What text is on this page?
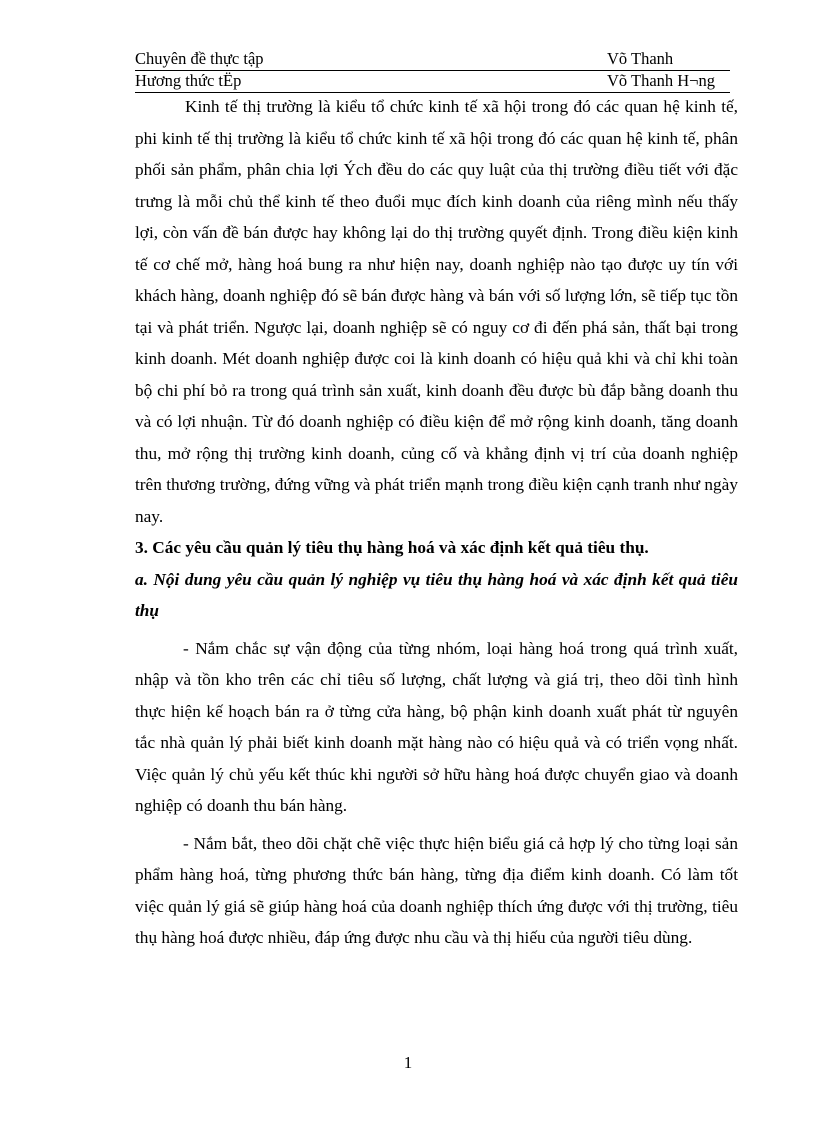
Chuyên đề thực tập	Võ Thanh
Hương thức tËp	Võ Thanh H¬ng

Kinh tế thị trường là kiểu tổ chức kinh tế xã hội trong đó các quan hệ kinh tế, phi kinh tế thị trường là kiểu tổ chức kinh tế xã hội trong đó các quan hệ kinh tế, phân phối sản phẩm, phân chia lợi Ých đều do các quy luật của thị trường điều tiết với đặc trưng là mỗi chủ thể kinh tế theo đuổi mục đích kinh doanh của riêng mình nếu thấy lợi, còn vấn đề bán được hay không lại do thị trường quyết định. Trong điều kiện kinh tế cơ chế mở, hàng hoá bung ra như hiện nay, doanh nghiệp nào tạo được uy tín với khách hàng, doanh nghiệp đó sẽ bán được hàng và bán với số lượng lớn, sẽ tiếp tục tồn tại và phát triển. Ngược lại, doanh nghiệp sẽ có nguy cơ đi đến phá sản, thất bại trong kinh doanh. Mét doanh nghiệp được coi là kinh doanh có hiệu quả khi và chỉ khi toàn bộ chi phí bỏ ra trong quá trình sản xuất, kinh doanh đều được bù đắp bằng doanh thu và có lợi nhuận. Từ đó doanh nghiệp có điều kiện để mở rộng kinh doanh, tăng doanh thu, mở rộng thị trường kinh doanh, củng cố và khẳng định vị trí của doanh nghiệp trên thương trường, đứng vững và phát triển mạnh trong điều kiện cạnh tranh như ngày nay.

3. Các yêu cầu quản lý tiêu thụ hàng hoá và xác định kết quả tiêu thụ.

a. Nội dung yêu cầu quản lý nghiệp vụ tiêu thụ hàng hoá và xác định kết quả tiêu thụ

- Nắm chắc sự vận động của từng nhóm, loại hàng hoá trong quá trình xuất, nhập và tồn kho trên các chỉ tiêu số lượng, chất lượng và giá trị, theo dõi tình hình thực hiện kế hoạch bán ra ở từng cửa hàng, bộ phận kinh doanh xuất phát từ nguyên tắc nhà quản lý phải biết kinh doanh mặt hàng nào có hiệu quả và có triển vọng nhất. Việc quản lý chủ yếu kết thúc khi người sở hữu hàng hoá được chuyển giao và doanh nghiệp có doanh thu bán hàng.

- Nắm bắt, theo dõi chặt chẽ việc thực hiện biểu giá cả hợp lý cho từng loại sản phẩm hàng hoá, từng phương thức bán hàng, từng địa điểm kinh doanh. Có làm tốt việc quản lý giá sẽ giúp hàng hoá của doanh nghiệp thích ứng được với thị trường, tiêu thụ hàng hoá được nhiều, đáp ứng được nhu cầu và thị hiếu của người tiêu dùng.

1
